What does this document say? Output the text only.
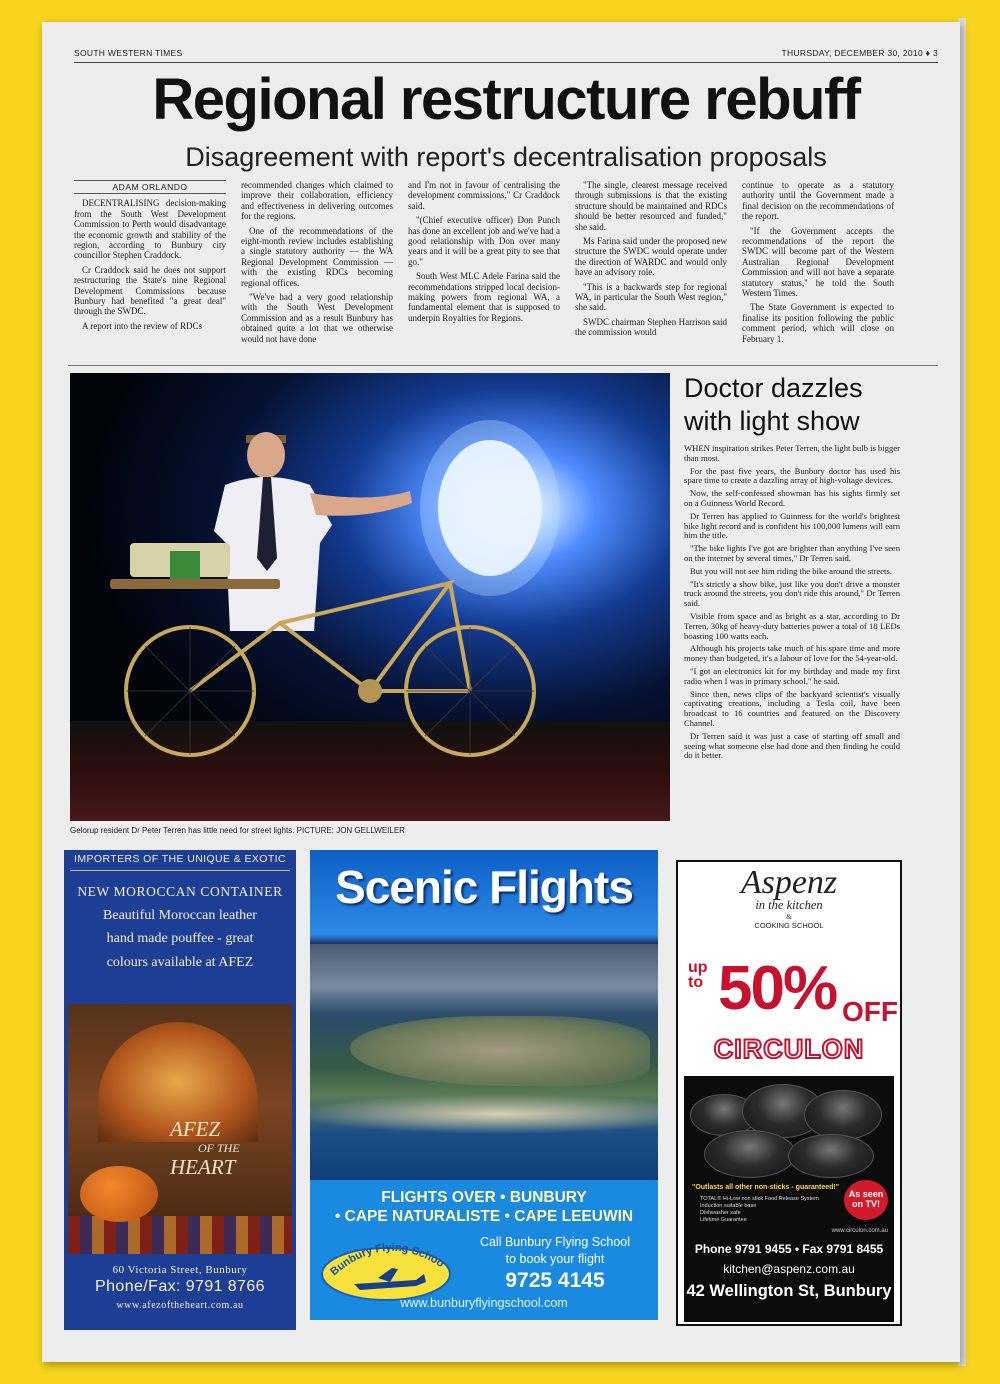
SOUTH WESTERN TIMES	THURSDAY, DECEMBER 30, 2010 ♦ 3
Regional restructure rebuff
Disagreement with report's decentralisation proposals
ADAM ORLANDO

DECENTRALISING decision-making from the South West Development Commission to Perth would disadvantage the economic growth and stability of the region, according to Bunbury city councillor Stephen Craddock.

Cr Craddock said he does not support restructuring the State's nine Regional Development Commissions because Bunbury had benefited "a great deal" through the SWDC.

A report into the review of RDCs

recommended changes which claimed to improve their collaboration, efficiency and effectiveness in delivering outcomes for the regions.

One of the recommendations of the eight-month review includes establishing a single statutory authority — the WA Regional Development Commission — with the existing RDCs becoming regional offices.

"We've had a very good relationship with the South West Development Commission and as a result Bunbury has obtained quite a lot that we otherwise would not have done

and I'm not in favour of centralising the development commissions," Cr Craddock said.

"(Chief executive officer) Don Punch has done an excellent job and we've had a good relationship with Don over many years and it will be a great pity to see that go."

South West MLC Adele Farina said the recommendations stripped local decision-making powers from regional WA, a fundamental element that is supposed to underpin Royalties for Regions.

"The single, clearest message received through submissions is that the existing structure should be maintained and RDCs should be better resourced and funded," she said.

Ms Farina said under the proposed new structure the SWDC would operate under the direction of WARDC and would only have an advisory role.

"This is a backwards step for regional WA, in particular the South West region," she said.

SWDC chairman Stephen Harrison said the commission would

continue to operate as a statutory authority until the Government made a final decision on the recommendations of the report.

"If the Government accepts the recommendations of the report the SWDC will become part of the Western Australian Regional Development Commission and will not have a separate statutory status," he told the South Western Times.

The State Government is expected to finalise its position following the public comment period, which will close on February 1.

Gelorup resident Dr Peter Terren has little need for street lights. PICTURE: JON GELLWEILER
Doctor dazzles with light show

WHEN inspiration strikes Peter Terren, the light bulb is bigger than most.

For the past five years, the Bunbury doctor has used his spare time to create a dazzling array of high-voltage devices.

Now, the self-confessed showman has his sights firmly set on a Guinness World Record.

Dr Terren has applied to Guinness for the world's brightest bike light record and is confident his 100,000 lumens will earn him the title.

"The bike lights I've got are brighter than anything I've seen on the internet by several times," Dr Terren said.

But you will not see him riding the bike around the streets.

"It's strictly a show bike, just like you don't drive a monster truck around the streets, you don't ride this around," Dr Terren said.

Visible from space and as bright as a star, according to Dr Terren, 30kg of heavy-duty batteries power a total of 18 LEDs boasting 100 watts each.

Although his projects take much of his spare time and more money than budgeted, it's a labour of love for the 54-year-old.

"I got an electronics kit for my birthday and made my first radio when I was in primary school," he said.

Since then, news clips of the backyard scientist's visually captivating creations, including a Tesla coil, have been broadcast to 16 countries and featured on the Discovery Channel.

Dr Terren said it was just a case of starting off small and seeing what someone else had done and then finding he could do it better.

IMPORTERS OF THE UNIQUE & EXOTIC
NEW MOROCCAN CONTAINER
Beautiful Moroccan leather
hand made pouffee - great
colours available at AFEZ
AFEZ
OF THE
HEART
60 Victoria Street, Bunbury
Phone/Fax: 9791 8766
www.afezoftheheart.com.au
Scenic Flights
FLIGHTS OVER • BUNBURY
• CAPE NATURALISTE • CAPE LEEUWIN
Bunbury Flying Schoo
Call Bunbury Flying School
to book your flight
9725 4145
www.bunburyflyingschool.com
Aspenz
in the kitchen
&
COOKING SCHOOL
up to 50% OFF
CIRCULON
"Outlasts all other non-sticks - guaranteed!"
TOTAL® Hi-Low non stick Food Release System
Induction suitable base
Dishwasher safe
Lifetime Guarantee
As seen on TV!
www.circulon.com.au
Phone 9791 9455 • Fax 9791 8455
kitchen@aspenz.com.au
42 Wellington St, Bunbury
